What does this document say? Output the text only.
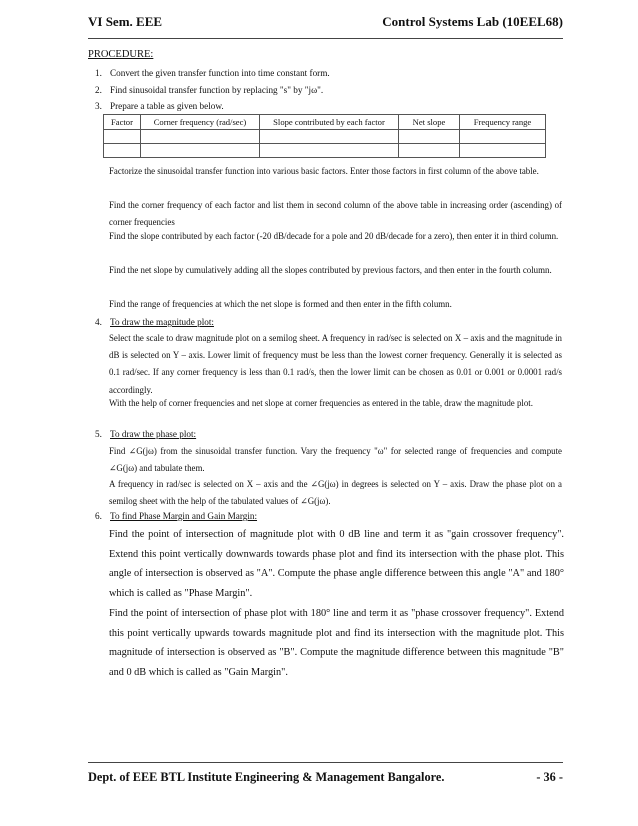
VI Sem. EEE	Control Systems Lab (10EEL68)
PROCEDURE:
1. Convert the given transfer function into time constant form.
2. Find sinusoidal transfer function by replacing "s" by "jω".
3. Prepare a table as given below.
Factor	Corner frequency (rad/sec)	Slope contributed by each factor	Net slope	Frequency range

Factorize the sinusoidal transfer function into various basic factors. Enter those factors in first column of the above table.
Find the corner frequency of each factor and list them in second column of the above table in increasing order (ascending) of corner frequencies
Find the slope contributed by each factor (-20 dB/decade for a pole and 20 dB/decade for a zero), then enter it in third column.
Find the net slope by cumulatively adding all the slopes contributed by previous factors, and then enter in the fourth column.
Find the range of frequencies at which the net slope is formed and then enter in the fifth column.
4. To draw the magnitude plot:
Select the scale to draw magnitude plot on a semilog sheet. A frequency in rad/sec is selected on X – axis and the magnitude in dB is selected on Y – axis. Lower limit of frequency must be less than the lowest corner frequency. Generally it is selected as 0.1 rad/sec. If any corner frequency is less than 0.1 rad/s, then the lower limit can be chosen as 0.01 or 0.001 or 0.0001 rad/s accordingly.
With the help of corner frequencies and net slope at corner frequencies as entered in the table, draw the magnitude plot.
5. To draw the phase plot:
Find ∠G(jω) from the sinusoidal transfer function. Vary the frequency "ω" for selected range of frequencies and compute ∠G(jω) and tabulate them.
A frequency in rad/sec is selected on X – axis and the ∠G(jω) in degrees is selected on Y – axis. Draw the phase plot on a semilog sheet with the help of the tabulated values of ∠G(jω).
6. To find Phase Margin and Gain Margin:
Find the point of intersection of magnitude plot with 0 dB line and term it as "gain crossover frequency". Extend this point vertically downwards towards phase plot and find its intersection with the phase plot. This angle of intersection is observed as "A". Compute the phase angle difference between this angle "A" and 180° which is called as "Phase Margin".
Find the point of intersection of phase plot with 180° line and term it as "phase crossover frequency". Extend this point vertically upwards towards magnitude plot and find its intersection with the magnitude plot. This magnitude of intersection is observed as "B". Compute the magnitude difference between this magnitude "B" and 0 dB which is called as "Gain Margin".
Dept. of EEE BTL Institute Engineering & Management Bangalore.	- 36 -
